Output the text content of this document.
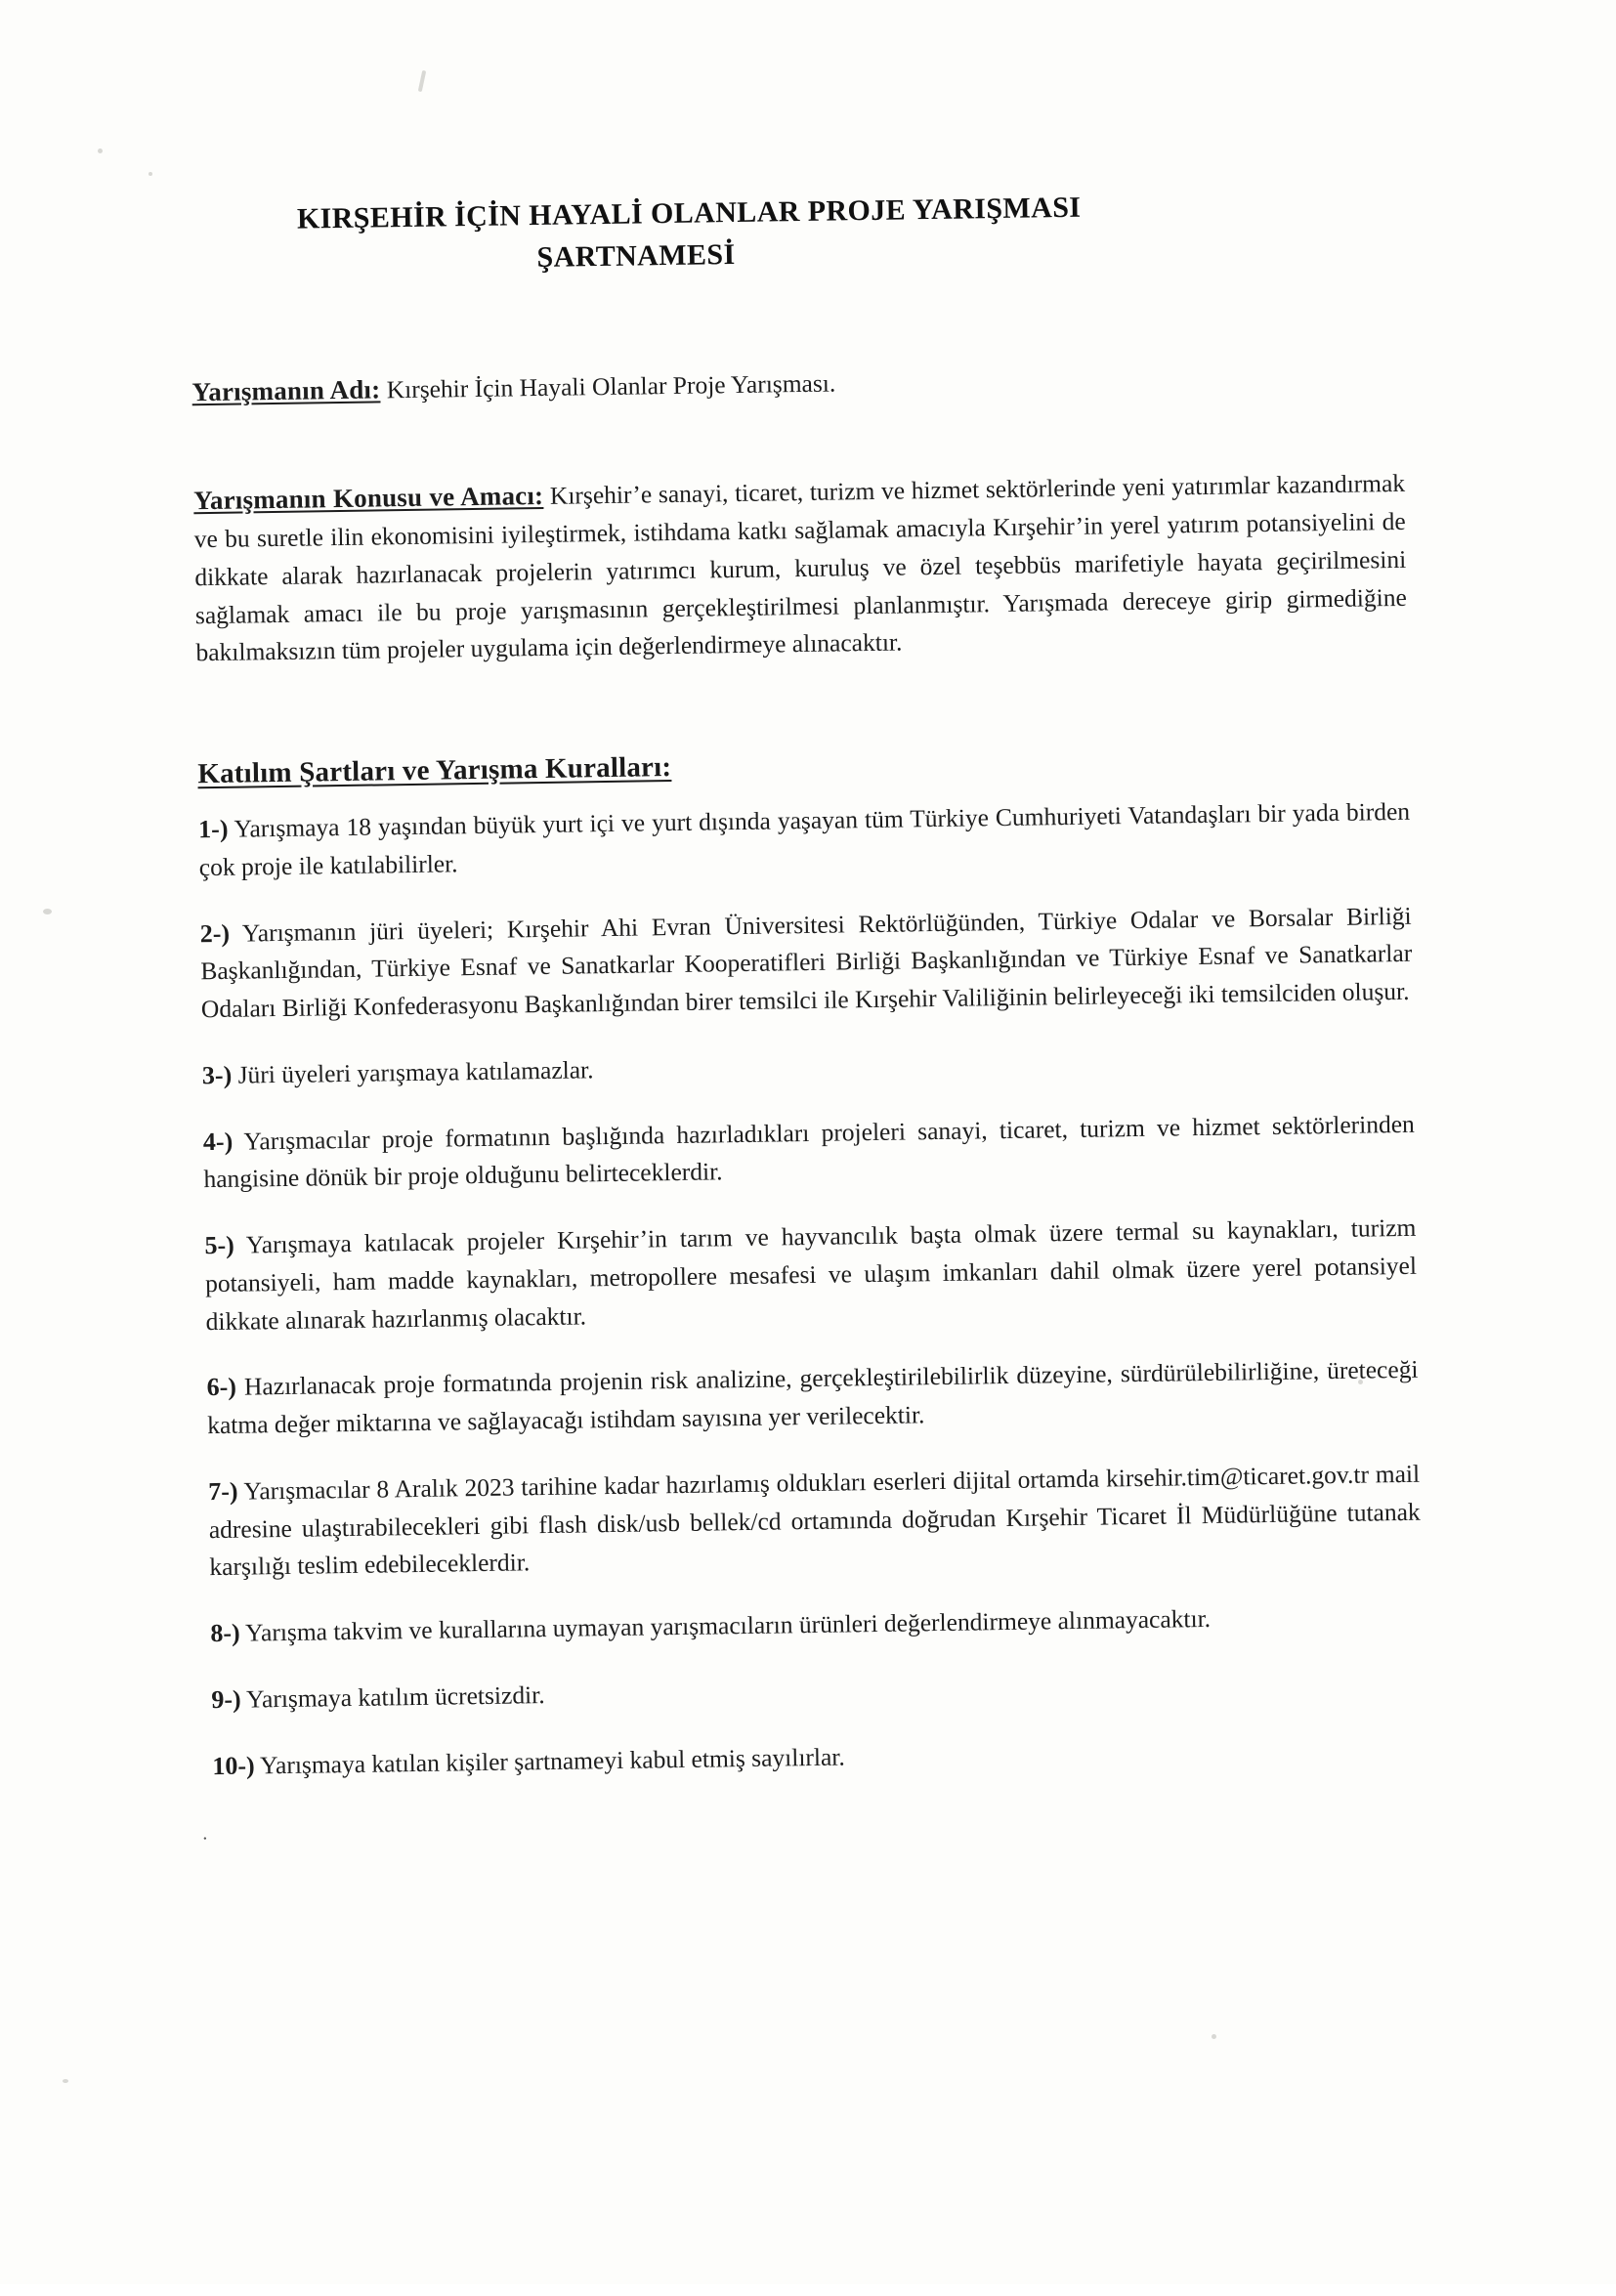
KIRŞEHİR İÇİN HAYALİ OLANLAR PROJE YARIŞMASI
ŞARTNAMESİ

Yarışmanın Adı: Kırşehir İçin Hayali Olanlar Proje Yarışması.

Yarışmanın Konusu ve Amacı: Kırşehir’e sanayi, ticaret, turizm ve hizmet sektörlerinde yeni yatırımlar kazandırmak ve bu suretle ilin ekonomisini iyileştirmek, istihdama katkı sağlamak amacıyla Kırşehir’in yerel yatırım potansiyelini de dikkate alarak hazırlanacak projelerin yatırımcı kurum, kuruluş ve özel teşebbüs marifetiyle hayata geçirilmesini sağlamak amacı ile bu proje yarışmasının gerçekleştirilmesi planlanmıştır. Yarışmada dereceye girip girmediğine bakılmaksızın tüm projeler uygulama için değerlendirmeye alınacaktır.

Katılım Şartları ve Yarışma Kuralları:

1-) Yarışmaya 18 yaşından büyük yurt içi ve yurt dışında yaşayan tüm Türkiye Cumhuriyeti Vatandaşları bir yada birden çok proje ile katılabilirler.

2-) Yarışmanın jüri üyeleri; Kırşehir Ahi Evran Üniversitesi Rektörlüğünden, Türkiye Odalar ve Borsalar Birliği Başkanlığından, Türkiye Esnaf ve Sanatkarlar Kooperatifleri Birliği Başkanlığından ve Türkiye Esnaf ve Sanatkarlar Odaları Birliği Konfederasyonu Başkanlığından birer temsilci ile Kırşehir Valiliğinin belirleyeceği iki temsilciden oluşur.

3-) Jüri üyeleri yarışmaya katılamazlar.

4-) Yarışmacılar proje formatının başlığında hazırladıkları projeleri sanayi, ticaret, turizm ve hizmet sektörlerinden hangisine dönük bir proje olduğunu belirteceklerdir.

5-) Yarışmaya katılacak projeler Kırşehir’in tarım ve hayvancılık başta olmak üzere termal su kaynakları, turizm potansiyeli, ham madde kaynakları, metropollere mesafesi ve ulaşım imkanları dahil olmak üzere yerel potansiyel dikkate alınarak hazırlanmış olacaktır.

6-) Hazırlanacak proje formatında projenin risk analizine, gerçekleştirilebilirlik düzeyine, sürdürülebilirliğine, üreteceği katma değer miktarına ve sağlayacağı istihdam sayısına yer verilecektir.

7-) Yarışmacılar 8 Aralık 2023 tarihine kadar hazırlamış oldukları eserleri dijital ortamda kirsehir.tim@ticaret.gov.tr mail adresine ulaştırabilecekleri gibi flash disk/usb bellek/cd ortamında doğrudan Kırşehir Ticaret İl Müdürlüğüne tutanak karşılığı teslim edebileceklerdir.

8-) Yarışma takvim ve kurallarına uymayan yarışmacıların ürünleri değerlendirmeye alınmayacaktır.

9-) Yarışmaya katılım ücretsizdir.

10-) Yarışmaya katılan kişiler şartnameyi kabul etmiş sayılırlar.

·
